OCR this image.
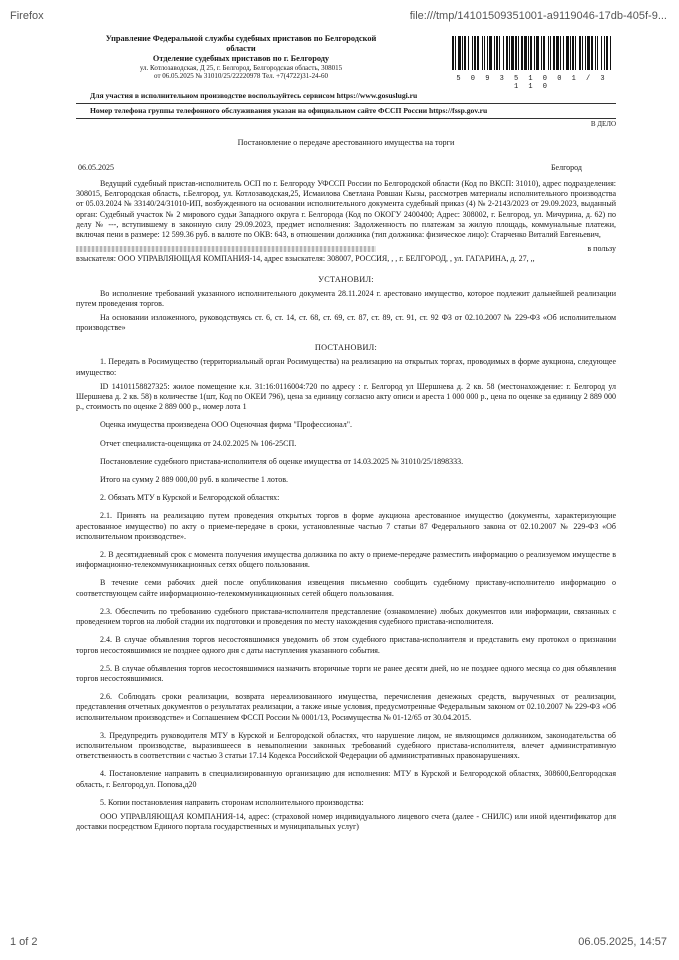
Firefox	file:///tmp/14101509351001-a9119046-17db-405f-9...
Управление Федеральной службы судебных приставов по Белгородской
области
Отделение судебных приставов по г. Белгороду
ул. Котлозаводская, Д 25, г. Белгород, Белгородская область, 308015
от 06.05.2025 № 31010/25/22220978 Тел. +7(4722)31-24-60	5 0 9 3 5 1 0 0 1 / 3 1 1 0
Для участия в исполнительном производстве воспользуйтесь сервисом https://www.gosuslugi.ru
Номер телефона группы телефонного обслуживания указан на официальном сайте ФССП России https://fssp.gov.ru
В ДЕЛО
Постановление о передаче арестованного имущества на торги
06.05.2025	Белгород

Ведущий судебный пристав-исполнитель ОСП по г. Белгороду УФССП России по Белгородской области (Код по ВКСП: 31010), адрес подразделения: 308015, Белгородская область, г.Белгород, ул. Котлозаводская,25, Исмаилова Светлана Ровшан Кызы, рассмотрев материалы исполнительного производства от 05.03.2024 № 33140/24/31010-ИП, возбужденного на основании исполнительного документа судебный приказ (4) № 2-2143/2023 от 29.09.2023, выданный орган: Судебный участок № 2 мирового судьи Западного округа г. Белгорода (Код по ОКОГУ 2400400; Адрес: 308002, г. Белгород, ул. Мичурина, д. 62) по делу № ---, вступившему в законную силу 29.09.2023, предмет исполнения: Задолженность по платежам за жилую площадь, коммунальные платежи, включая пени в размере: 12 599.36 руб. в валюте по ОКВ: 643, в отношении должника (тип должника: физическое лицо): Старченко Виталий Евгеньевич,

в пользу

взыскателя: ООО УПРАВЛЯЮЩАЯ КОМПАНИЯ-14, адрес взыскателя: 308007, РОССИЯ, , , г. БЕЛГОРОД, , ул. ГАГАРИНА, д. 27, ,,

УСТАНОВИЛ:

Во исполнение требований указанного исполнительного документа 28.11.2024 г. арестовано имущество, которое подлежит дальнейшей реализации путем проведения торгов.

На основании изложенного, руководствуясь ст. 6, ст. 14, ст. 68, ст. 69, ст. 87, ст. 89, ст. 91, ст. 92 ФЗ от 02.10.2007 № 229-ФЗ «Об исполнительном производстве»

ПОСТАНОВИЛ:

1. Передать в Росимущество (территориальный орган Росимущества) на реализацию на открытых торгах, проводимых в форме аукциона, следующее имущество:

ID 14101158827325: жилое помещение к.н. 31:16:0116004:720 по адресу : г. Белгород ул Шершнева д. 2 кв. 58 (местонахождение: г. Белгород ул Шершнева д. 2 кв. 58) в количестве 1(шт, Код по ОКЕИ 796), цена за единицу согласно акту описи и ареста 1 000 000 р., цена по оценке за единицу 2 889 000 р., стоимость по оценке 2 889 000 р., номер лота 1

Оценка имущества произведена ООО Оценочная фирма "Профессионал".

Отчет специалиста-оценщика от 24.02.2025 № 106-25СП.

Постановление судебного пристава-исполнителя об оценке имущества от 14.03.2025 № 31010/25/1898333.

Итого на сумму 2 889 000,00 руб. в количестве 1 лотов.

2. Обязать МТУ в Курской и Белгородской областях:

2.1. Принять на реализацию путем проведения открытых торгов в форме аукциона арестованное имущество (документы, характеризующие арестованное имущество) по акту о приеме-передаче в сроки, установленные частью 7 статьи 87 Федерального закона от 02.10.2007 № 229-ФЗ «Об исполнительном производстве».

2. В десятидневный срок с момента получения имущества должника по акту о приеме-передаче разместить информацию о реализуемом имуществе в информационно-телекоммуникационных сетях общего пользования.

В течение семи рабочих дней после опубликования извещения письменно сообщить судебному приставу-исполнителю информацию о соответствующем сайте информационно-телекоммуникационных сетей общего пользования.

2.3. Обеспечить по требованию судебного пристава-исполнителя представление (ознакомление) любых документов или информации, связанных с проведением торгов на любой стадии их подготовки и проведения по месту нахождения судебного пристава-исполнителя.

2.4. В случае объявления торгов несостоявшимися уведомить об этом судебного пристава-исполнителя и представить ему протокол о признании торгов несостоявшимися не позднее одного дня с даты наступления указанного события.

2.5. В случае объявления торгов несостоявшимися назначить вторичные торги не ранее десяти дней, но не позднее одного месяца со дня объявления торгов несостоявшимися.

2.6. Соблюдать сроки реализации, возврата нереализованного имущества, перечисления денежных средств, вырученных от реализации, представления отчетных документов о результатах реализации, а также иные условия, предусмотренные Федеральным законом от 02.10.2007 № 229-ФЗ «Об исполнительном производстве» и Соглашением ФССП России № 0001/13, Росимущества № 01-12/65 от 30.04.2015.

3. Предупредить руководителя МТУ в Курской и Белгородской областях, что нарушение лицом, не являющимся должником, законодательства об исполнительном производстве, выразившееся в невыполнении законных требований судебного пристава-исполнителя, влечет административную ответственность в соответствии с частью 3 статьи 17.14 Кодекса Российской Федерации об административных правонарушениях.

4. Постановление направить в специализированную организацию для исполнения: МТУ в Курской и Белгородской областях, 308600,Белгородская область, г. Белгород,ул. Попова,д20

5. Копии постановления направить сторонам исполнительного производства:

ООО УПРАВЛЯЮЩАЯ КОМПАНИЯ-14, адрес: (страховой номер индивидуального лицевого счета (далее - СНИЛС) или иной идентификатор для доставки посредством Единого портала государственных и муниципальных услуг)

1 of 2	06.05.2025, 14:57
